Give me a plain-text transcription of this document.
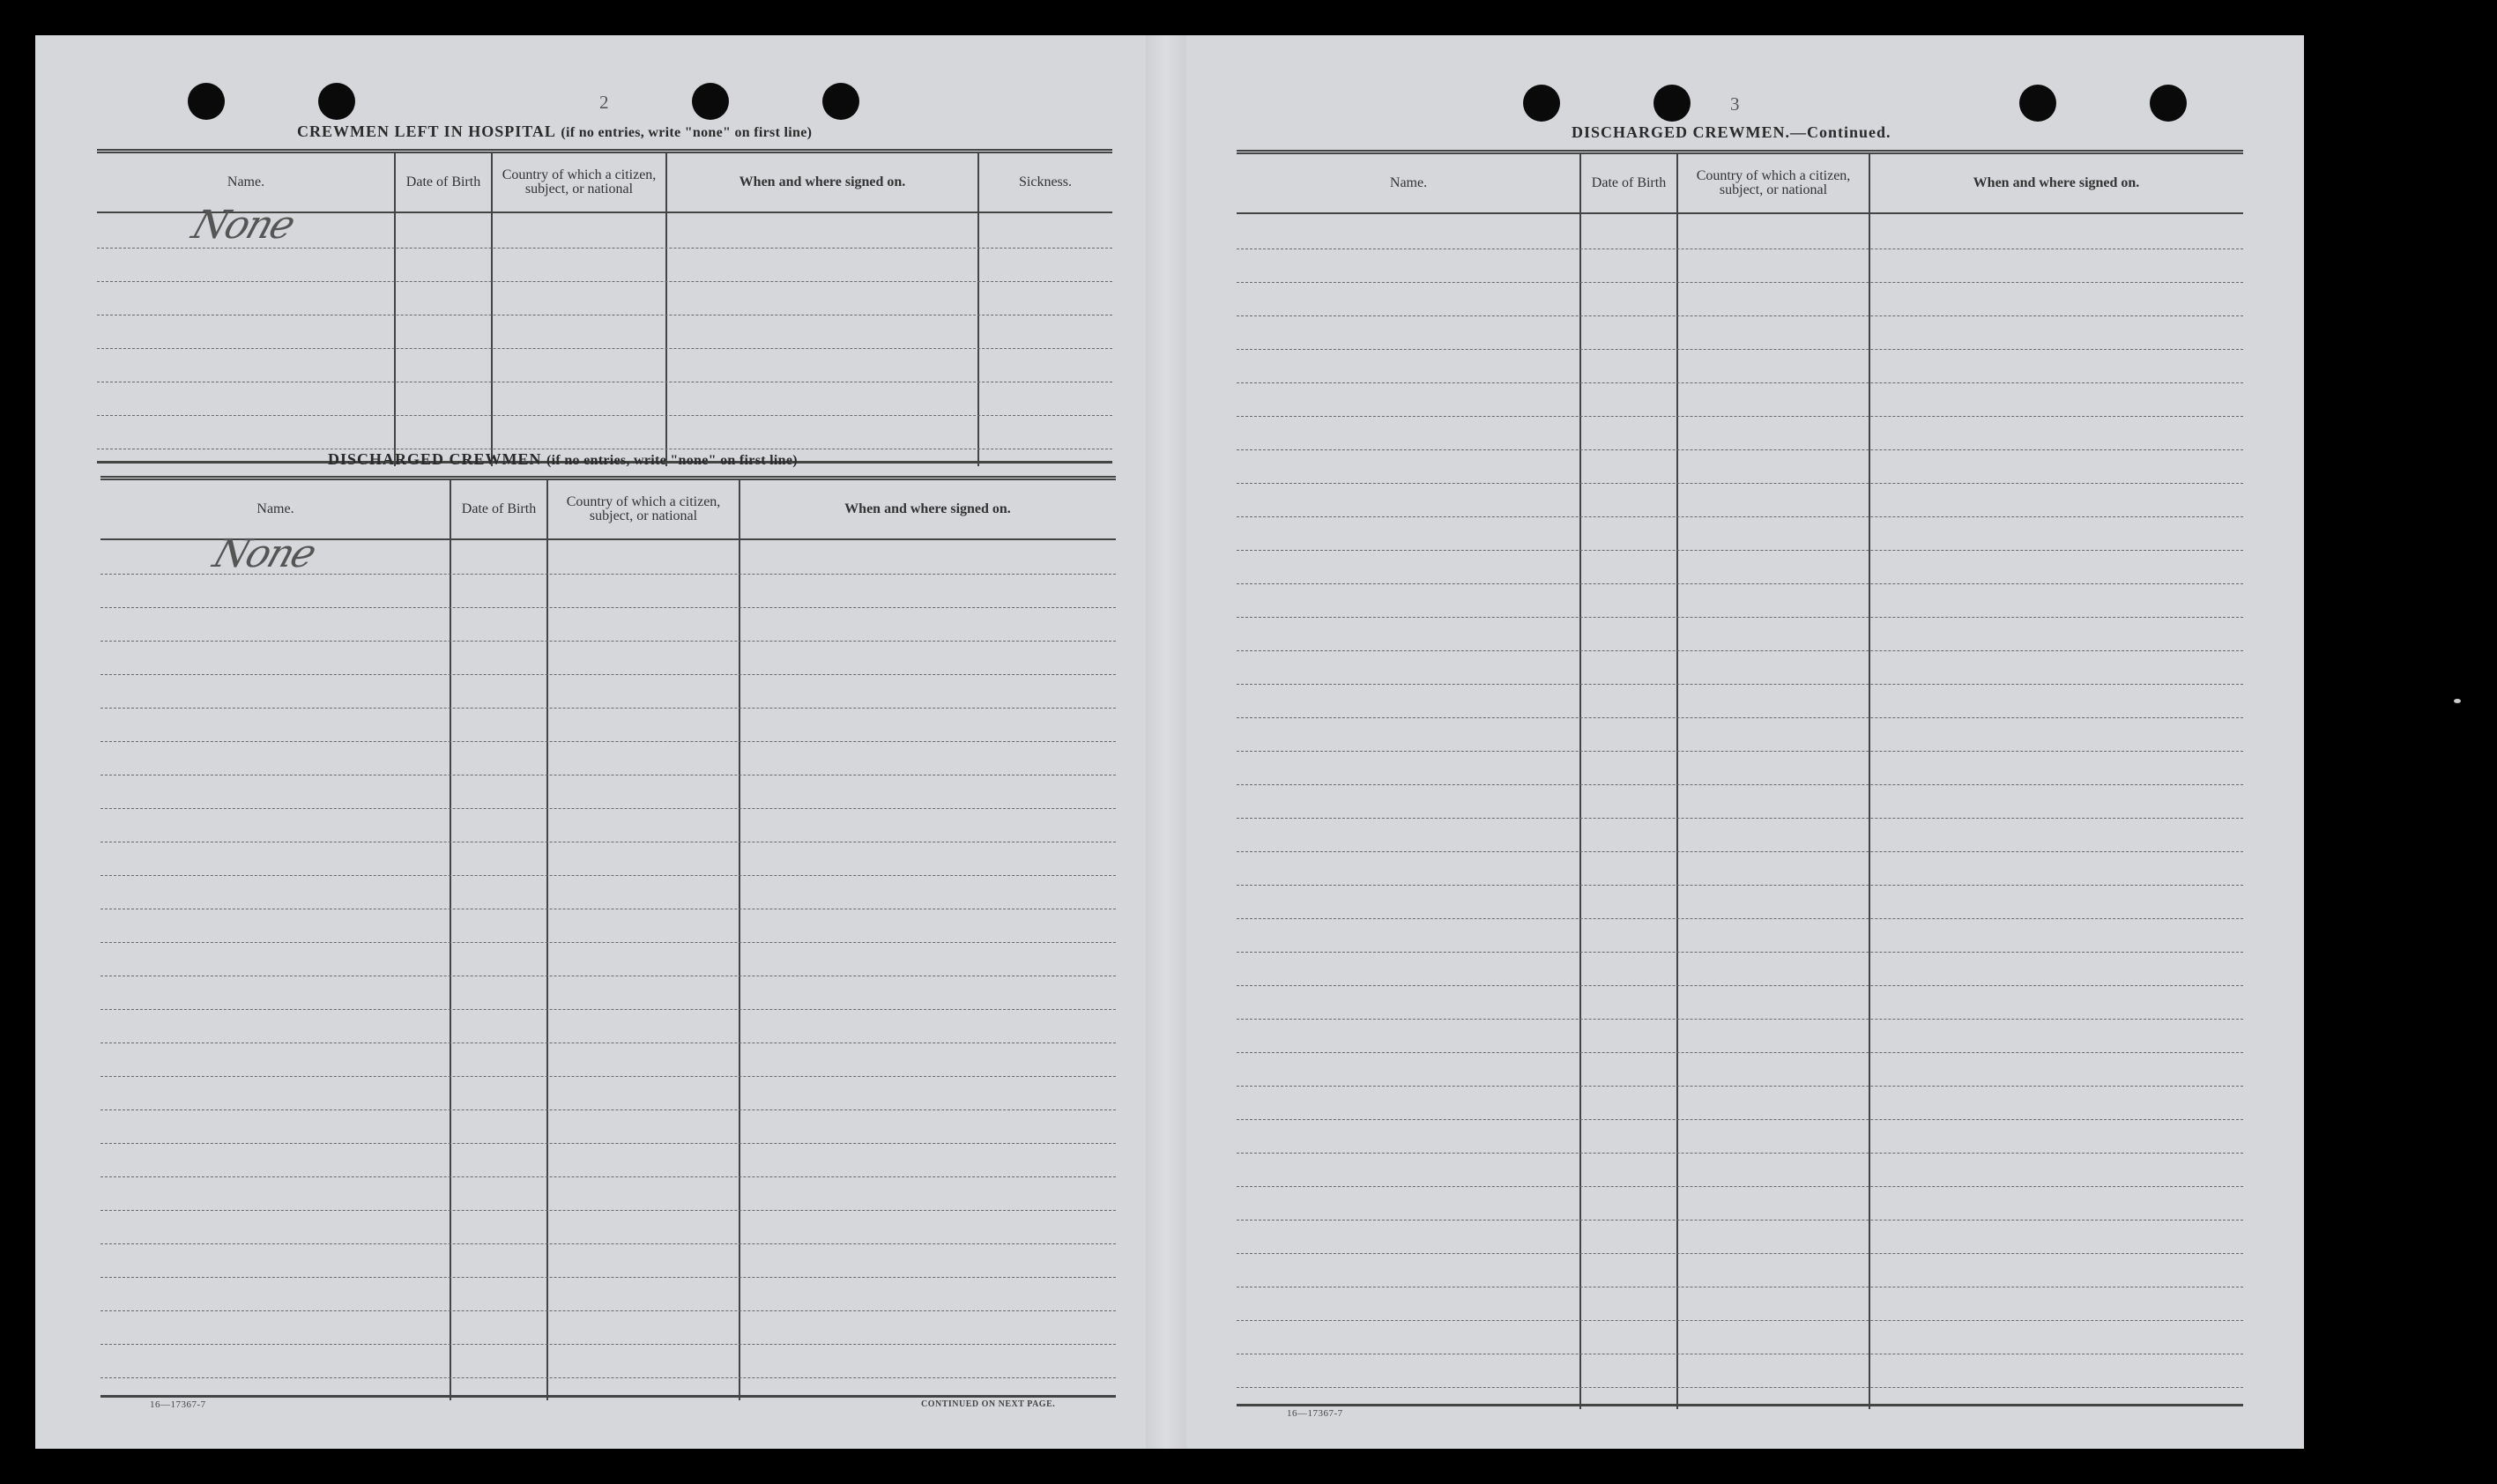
2
CREWMEN LEFT IN HOSPITAL (if no entries, write "none" on first line)
Name.	Date of Birth	Country of which a citizen, subject, or national	When and where signed on.	Sickness.
None
DISCHARGED CREWMEN (if no entries, write "none" on first line)
Name.	Date of Birth	Country of which a citizen, subject, or national	When and where signed on.
None
16—17367-7	CONTINUED ON NEXT PAGE.
3
DISCHARGED CREWMEN.—Continued.
Name.	Date of Birth	Country of which a citizen, subject, or national	When and where signed on.
16—17367-7
